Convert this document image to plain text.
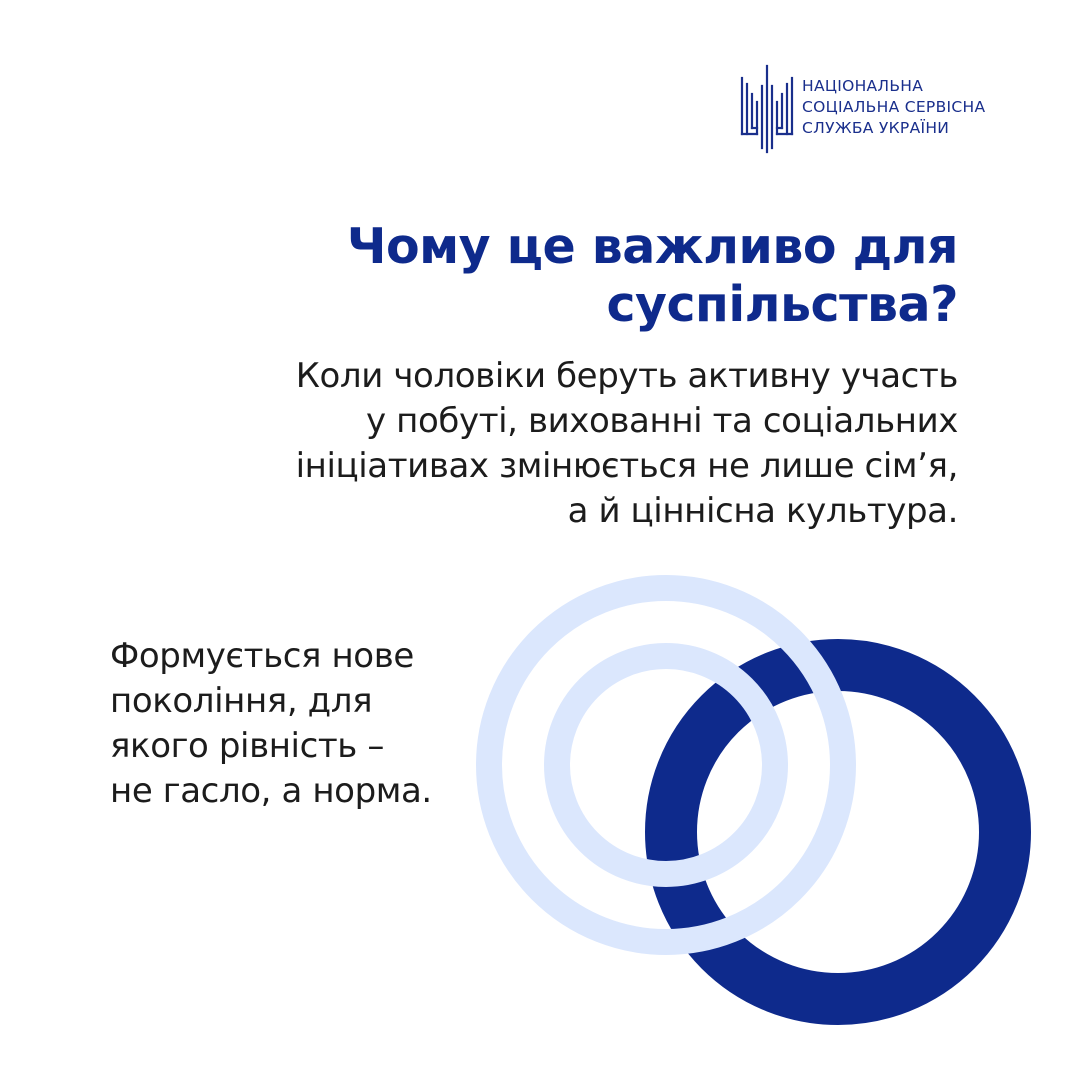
НАЦІОНАЛЬНА
СОЦІАЛЬНА СЕРВІСНА
СЛУЖБА УКРАЇНИ
Чому це важливо для
суспільства?

Коли чоловіки беруть активну участь
у побуті, вихованні та соціальних
ініціативах змінюється не лише сім’я,
а й ціннісна культура.

Формується нове
покоління, для
якого рівність –
не гасло, а норма.
